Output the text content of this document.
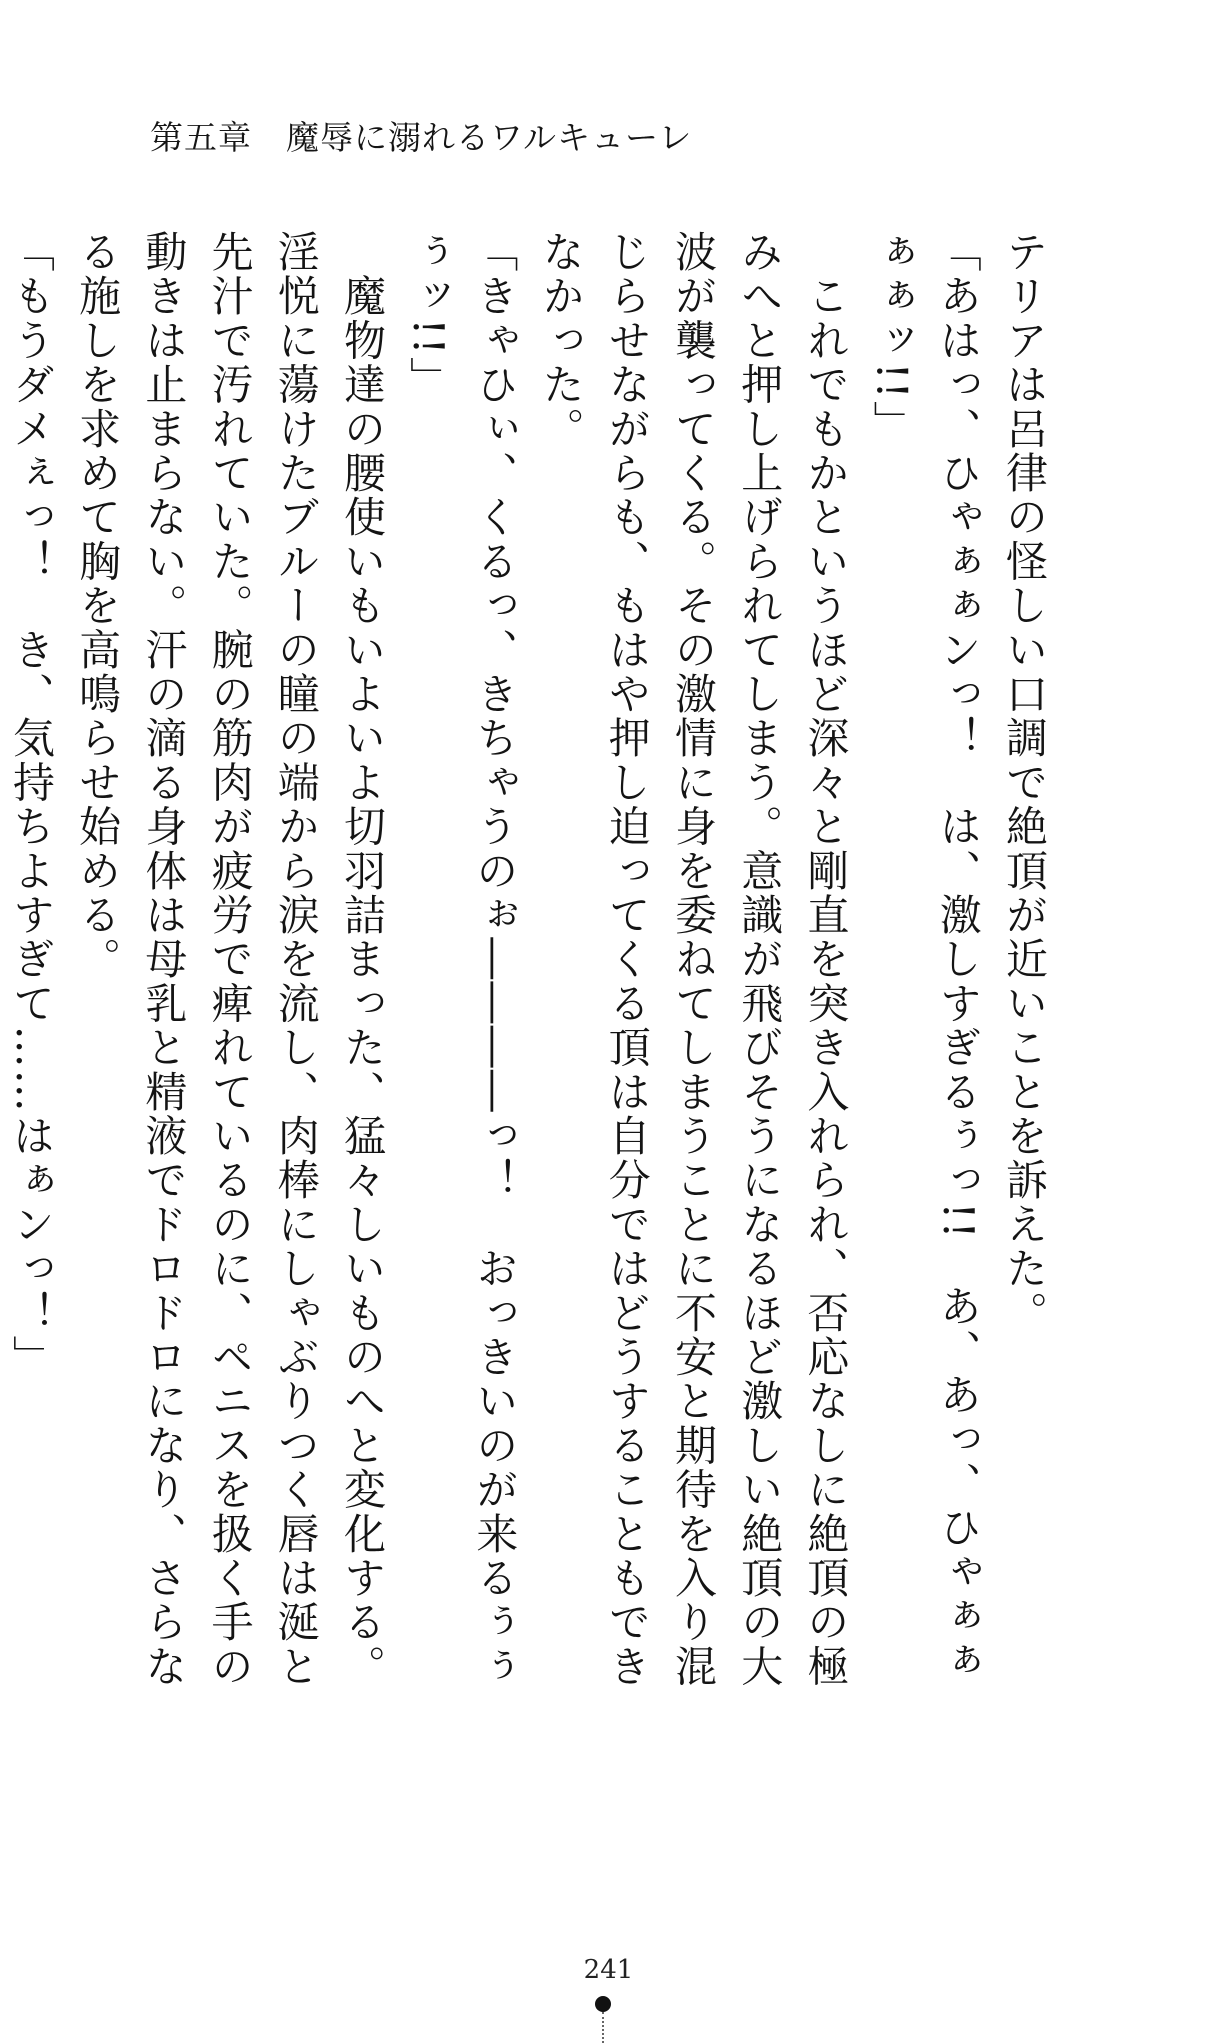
第五章　魔辱に溺れるワルキューレ

テリアは呂律の怪しい口調で絶頂が近いことを訴えた。

「あはっ、ひゃぁぁンっ！　は、激しすぎるぅっ!!　あ、あっ、ひゃぁぁぁぁッ!!」

　これでもかというほど深々と剛直を突き入れられ、否応なしに絶頂の極みへと押し上げられてしまう。意識が飛びそうになるほど激しい絶頂の大波が襲ってくる。その激情に身を委ねてしまうことに不安と期待を入り混じらせながらも、もはや押し迫ってくる頂は自分ではどうすることもできなかった。

「きゃひぃ、くるっ、きちゃうのぉ――――っ！　おっきいのが来るぅぅぅッ!!」

　魔物達の腰使いもいよいよ切羽詰まった、猛々しいものへと変化する。淫悦に蕩けたブルーの瞳の端から涙を流し、肉棒にしゃぶりつく唇は涎と先汁で汚れていた。腕の筋肉が疲労で痺れているのに、ペニスを扱く手の動きは止まらない。汗の滴る身体は母乳と精液でドロドロになり、さらなる施しを求めて胸を高鳴らせ始める。

「もうダメぇっ！　き、気持ちよすぎて……はぁンっ！」

241
